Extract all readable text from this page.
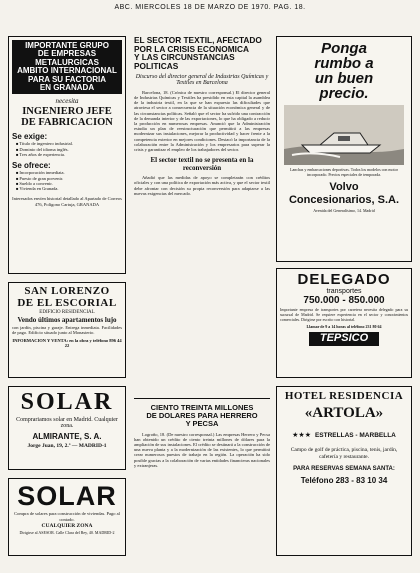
ABC. MIERCOLES 18 DE MARZO DE 1970. PAG. 18.
IMPORTANTE GRUPO
DE EMPRESAS METALURGICAS
AMBITO INTERNACIONAL
PARA SU FACTORIA
EN GRANADA
necesita
INGENIERO JEFE
DE FABRICACION
Se exige:
■ Titulo de ingeniero industrial.
■ Dominio del idioma inglés.
■ Tres años de experiencia.
Se ofrece:
■ Incorporación inmediata.
■ Puesto de gran porvenir.
■ Sueldo a convenir.
■ Vivienda en Granada.
Interesados envíen historial detallado al Apartado de Correos 476, Polígono Cartuja, GRANADA
SAN LORENZO
DE EL ESCORIAL
EDIFICIO RESIDENCIAL
Vendo últimos apartamentos lujo
con jardín, piscina y garaje. Entrega inmediata. Facilidades de pago. Edificio situado junto al Monasterio.
INFORMACION Y VENTA: en la obra y teléfono 896 44 22
SOLAR
Comprariamos solar en Madrid. Cualquier zona.
ALMIRANTE, S. A.
Jorge Juan, 19, 2.º — MADRID-1
SOLAR
Compra de solares para construcción de viviendas. Pago al contado.
CUALQUIER ZONA
Dirigirse al ASESOR. Calle Clara del Rey, 40. MADRID-2
EL SECTOR TEXTIL, AFECTADO
POR LA CRISIS ECONOMICA
Y LAS CIRCUNSTANCIAS POLITICAS
Discurso del director general de Industrias Químicas y Textiles en Barcelona
Barcelona, 18. (Crónica de nuestro corresponsal.) El director general de Industrias Químicas y Textiles ha presidido en esta capital la asamblea de la industria textil, en la que se han expuesto las dificultades que atraviesa el sector a consecuencia de la situación económica general y de las circunstancias políticas. Señaló que el sector ha sufrido una contracción de la demanda interior y de las exportaciones, lo que ha obligado a reducir la producción en numerosas empresas. Anunció que la Administración estudia un plan de reestructuración que permitirá a las empresas modernizar sus instalaciones, mejorar la productividad y hacer frente a la competencia exterior en mejores condiciones. Destacó la importancia de la colaboración entre la Administración y los empresarios para superar la crisis y garantizar el empleo de los trabajadores del sector.
El sector textil no se presenta en la reconversión
Añadió que las medidas de apoyo se completarán con créditos oficiales y con una política de exportación más activa, y que el sector textil debe afrontar con decisión su propia reconversión para adaptarse a las nuevas exigencias del mercado.
CIENTO TREINTA MILLONES
DE DOLARES PARA HERRERO
Y PECSA
Logroño, 18. (De nuestro corresponsal.) Las empresas Herrero y Pecsa han obtenido un crédito de ciento treinta millones de dólares para la ampliación de sus instalaciones. El crédito se destinará a la construcción de una nueva planta y a la modernización de las existentes, lo que permitirá crear numerosos puestos de trabajo en la región. La operación ha sido posible gracias a la colaboración de varias entidades financieras nacionales y extranjeras.
Ponga
rumbo a
un buen
precio.
Lanchas y embarcaciones deportivas. Todos los modelos con motor incorporado. Precios especiales de temporada.
Volvo
Concesionarios, S.A.
Avenida del Generalísimo, 14. Madrid
DELEGADO
transportes
750.000 - 850.000
Importante empresa de transportes por carretera necesita delegado para su sucursal de Madrid. Se requiere experiencia en el sector y conocimientos comerciales. Dirigirse por escrito con historial.
Llamar de 9 a 14 horas al teléfono 231 80 64
TEPSICO
HOTEL RESIDENCIA
«ARTOLA»
★★★ ESTRELLAS - MARBELLA
Campo de golf de práctica, piscina, tenis, jardín, cafetería y restaurante.
PARA RESERVAS SEMANA SANTA:
Teléfono 283 - 83 10 34
